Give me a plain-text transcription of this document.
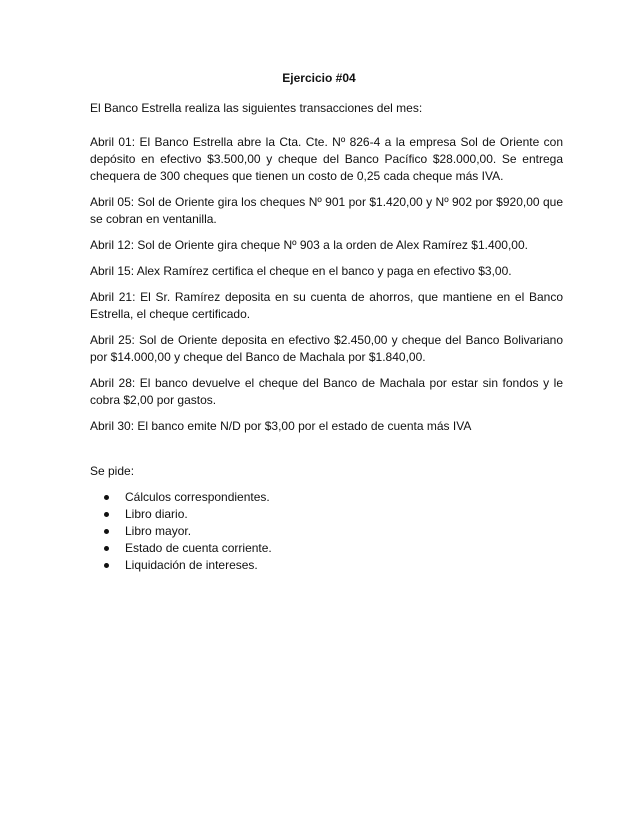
Ejercicio #04
El Banco Estrella realiza las siguientes transacciones del mes:

Abril 01: El Banco Estrella abre la Cta. Cte. Nº 826-4 a la empresa Sol de Oriente con depósito en efectivo $3.500,00 y cheque del Banco Pacífico $28.000,00. Se entrega chequera de 300 cheques que tienen un costo de 0,25 cada cheque más IVA.

Abril 05: Sol de Oriente gira los cheques Nº 901 por $1.420,00 y Nº 902 por $920,00 que se cobran en ventanilla.

Abril 12: Sol de Oriente gira cheque Nº 903 a la orden de Alex Ramírez $1.400,00.

Abril 15: Alex Ramírez certifica el cheque en el banco y paga en efectivo $3,00.

Abril 21: El Sr. Ramírez deposita en su cuenta de ahorros, que mantiene en el Banco Estrella, el cheque certificado.

Abril 25: Sol de Oriente deposita en efectivo $2.450,00 y cheque del Banco Bolivariano por $14.000,00 y cheque del Banco de Machala por $1.840,00.

Abril 28: El banco devuelve el cheque del Banco de Machala por estar sin fondos y le cobra $2,00 por gastos.

Abril 30: El banco emite N/D por $3,00 por el estado de cuenta más IVA

Se pide:
Cálculos correspondientes.
Libro diario.
Libro mayor.
Estado de cuenta corriente.
Liquidación de intereses.
